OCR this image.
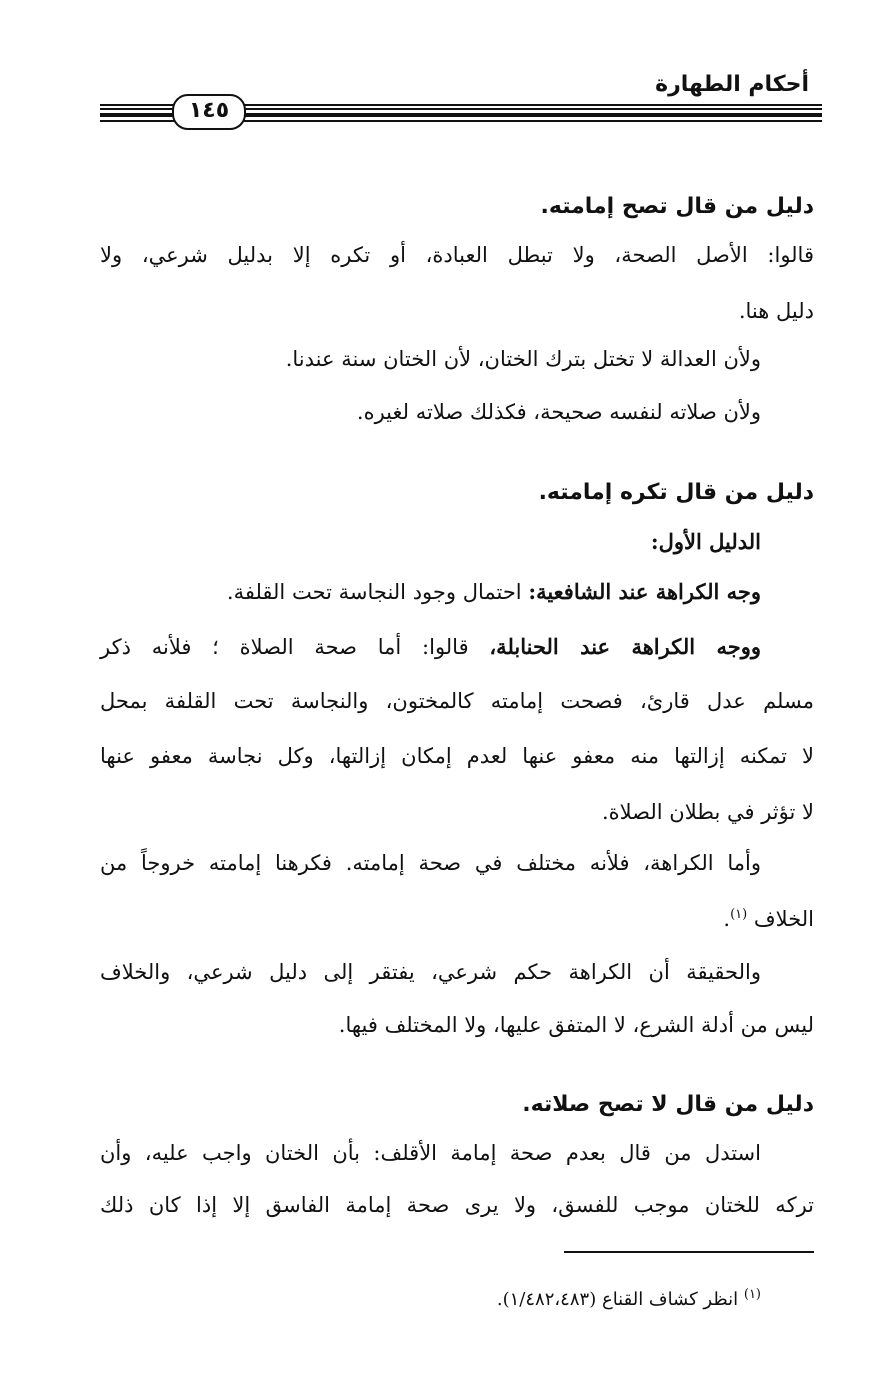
أحكام الطهارة
١٤٥
دليل من قال تصح إمامته.
قالوا: الأصل الصحة، ولا تبطل العبادة، أو تكره إلا بدليل شرعي، ولا
دليل هنا.
ولأن العدالة لا تختل بترك الختان، لأن الختان سنة عندنا.
ولأن صلاته لنفسه صحيحة، فكذلك صلاته لغيره.
دليل من قال تكره إمامته.
الدليل الأول:
وجه الكراهة عند الشافعية: احتمال وجود النجاسة تحت القلفة.
ووجه الكراهة عند الحنابلة، قالوا: أما صحة الصلاة ؛ فلأنه ذكر
مسلم عدل قارئ، فصحت إمامته كالمختون، والنجاسة تحت القلفة بمحل
لا تمكنه إزالتها منه معفو عنها لعدم إمكان إزالتها، وكل نجاسة معفو عنها
لا تؤثر في بطلان الصلاة.
وأما الكراهة، فلأنه مختلف في صحة إمامته. فكرهنا إمامته خروجاً من
الخلاف $^{(١)}$.
والحقيقة أن الكراهة حكم شرعي، يفتقر إلى دليل شرعي، والخلاف
ليس من أدلة الشرع، لا المتفق عليها، ولا المختلف فيها.
دليل من قال لا تصح صلاته.
استدل من قال بعدم صحة إمامة الأقلف: بأن الختان واجب عليه، وأن
تركه للختان موجب للفسق، ولا يرى صحة إمامة الفاسق إلا إذا كان ذلك
$^{(١)}$ انظر كشاف القناع (١/٤٨٢،٤٨٣).
